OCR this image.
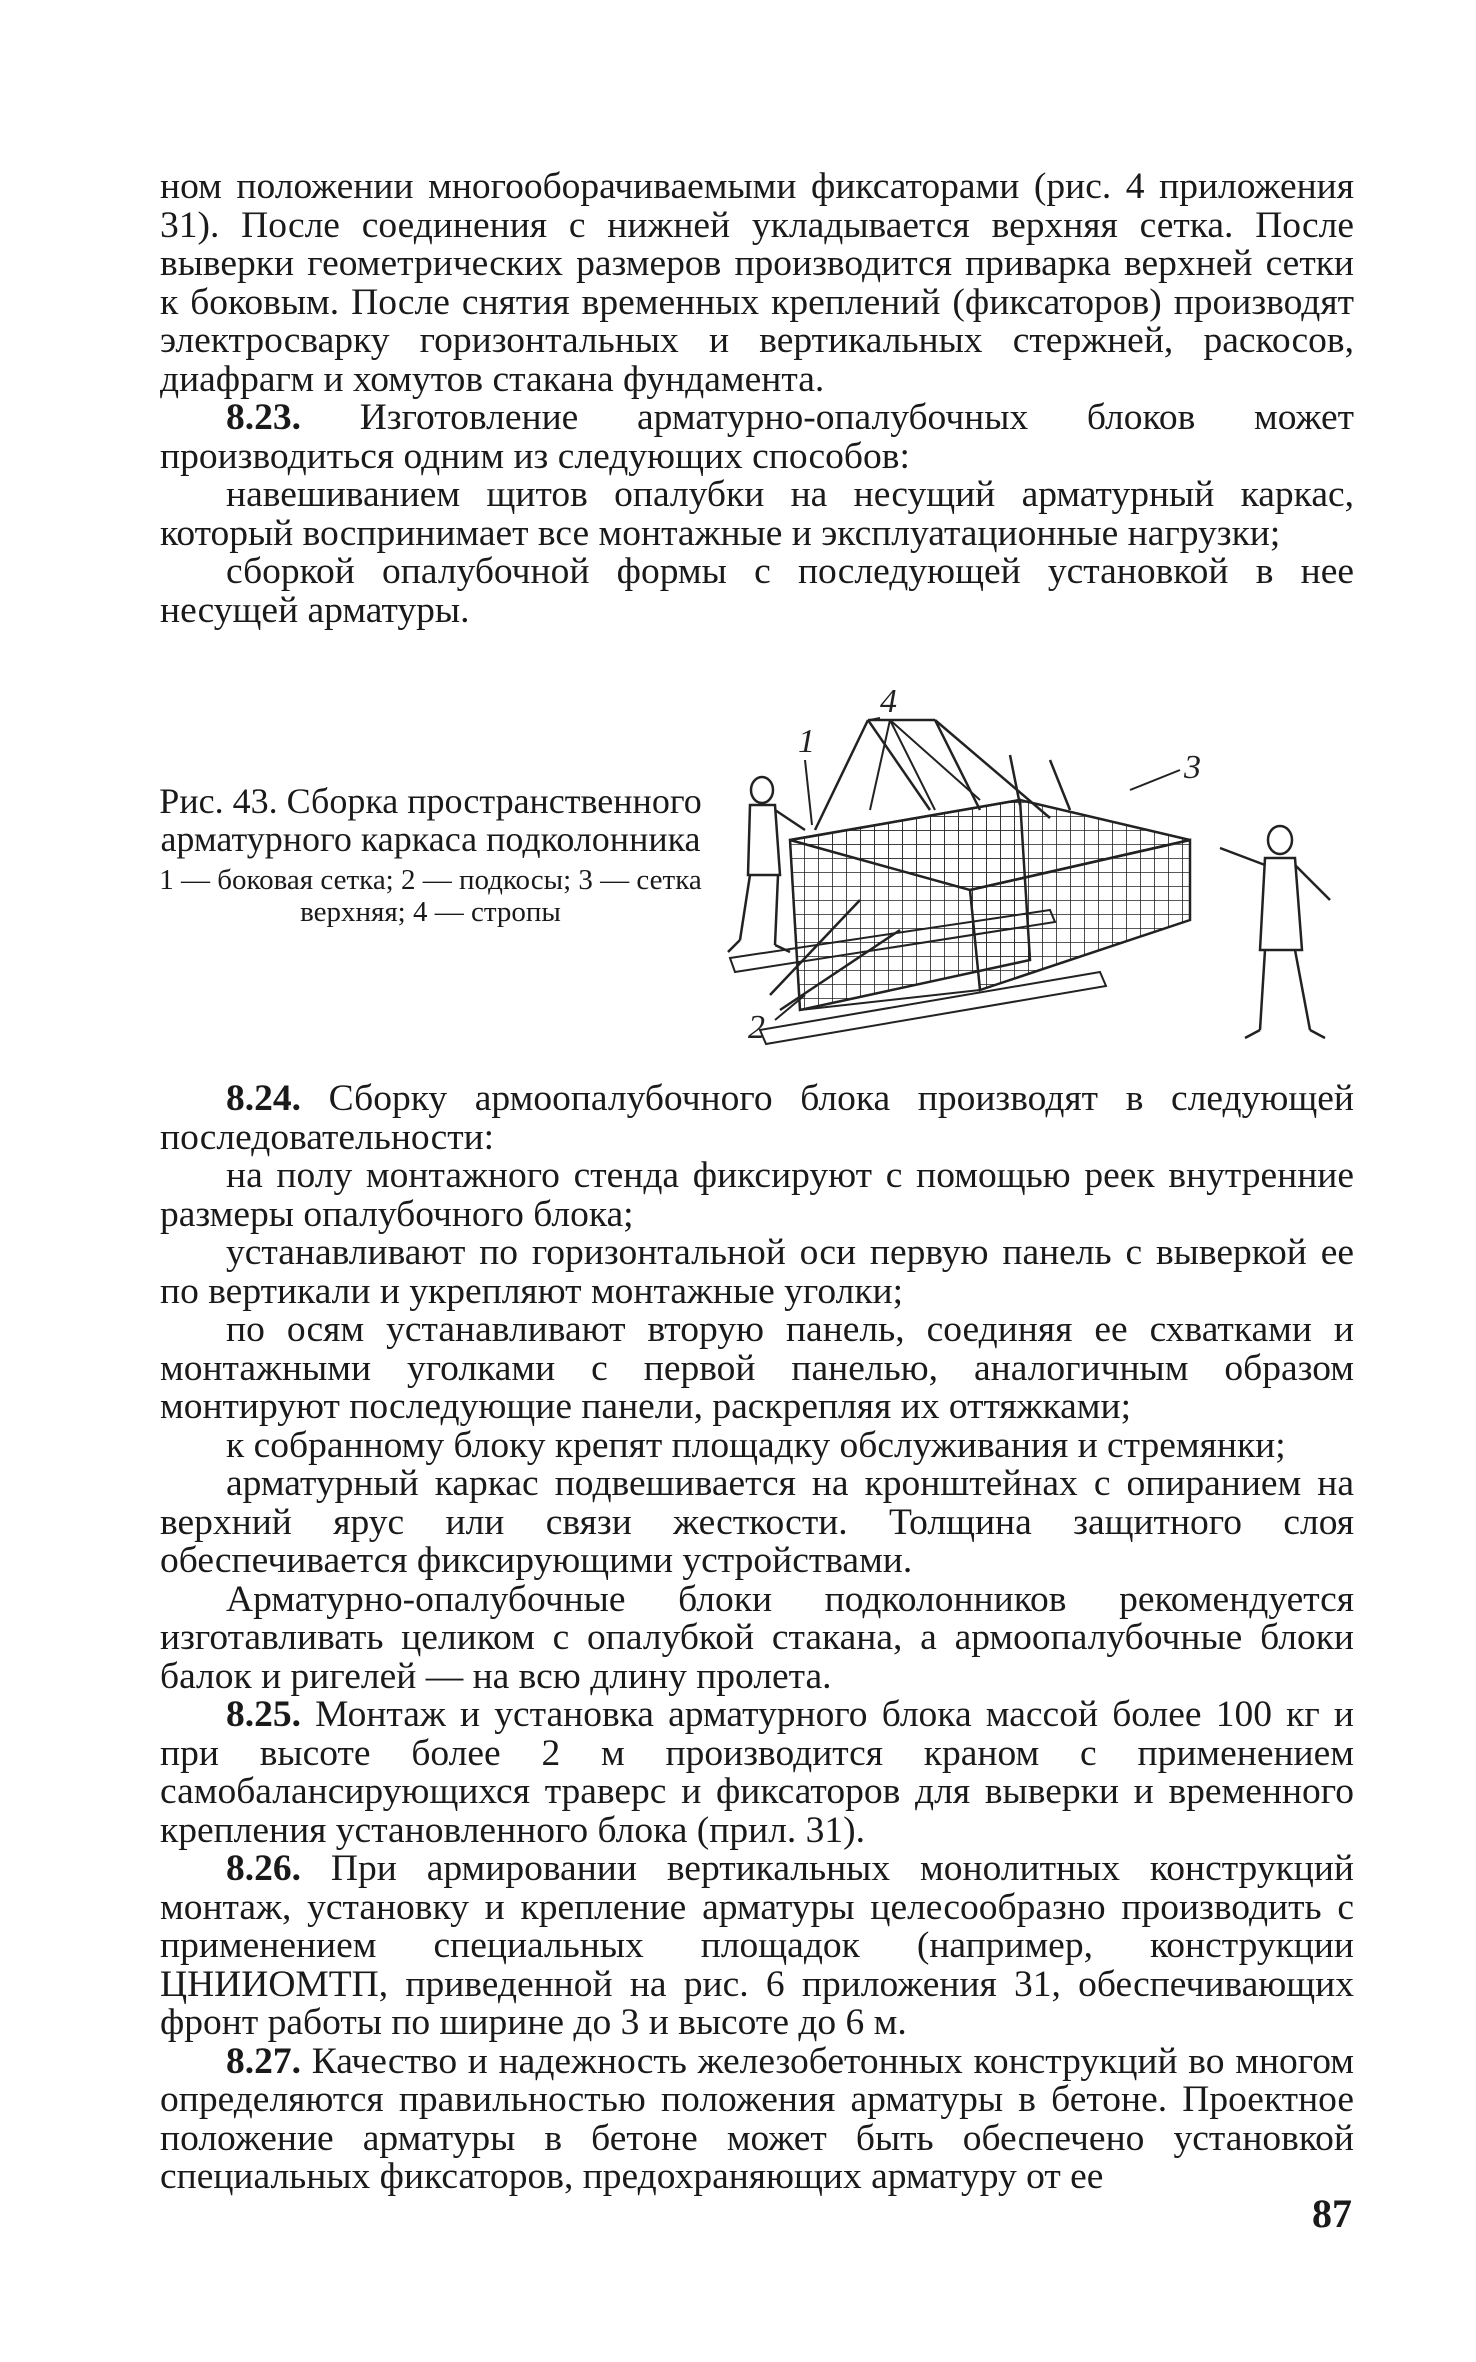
ном положении многооборачиваемыми фиксаторами (рис. 4 приложения 31). После соединения с нижней укладывается верхняя сетка. После выверки геометрических размеров производится приварка верхней сетки к боковым. После снятия временных креплений (фиксаторов) производят электросварку горизонтальных и вертикальных стержней, раскосов, диафрагм и хомутов стакана фундамента.

8.23. Изготовление арматурно-опалубочных блоков может производиться одним из следующих способов:

навешиванием щитов опалубки на несущий арматурный каркас, который воспринимает все монтажные и эксплуатационные нагрузки;

сборкой опалубочной формы с последующей установкой в нее несущей арматуры.

Рис. 43. Сборка пространственного арматурного каркаса подколонника
1 — боковая сетка; 2 — подкосы; 3 — сетка верхняя; 4 — стропы
1
4
3
2

8.24. Сборку армоопалубочного блока производят в следующей последовательности:

на полу монтажного стенда фиксируют с помощью реек внутренние размеры опалубочного блока;

устанавливают по горизонтальной оси первую панель с выверкой ее по вертикали и укрепляют монтажные уголки;

по осям устанавливают вторую панель, соединяя ее схватками и монтажными уголками с первой панелью, аналогичным образом монтируют последующие панели, раскрепляя их оттяжками;

к собранному блоку крепят площадку обслуживания и стремянки;

арматурный каркас подвешивается на кронштейнах с опиранием на верхний ярус или связи жесткости. Толщина защитного слоя обеспечивается фиксирующими устройствами.

Арматурно-опалубочные блоки подколонников рекомендуется изготавливать целиком с опалубкой стакана, а армоопалубочные блоки балок и ригелей — на всю длину пролета.

8.25. Монтаж и установка арматурного блока массой более 100 кг и при высоте более 2 м производится краном с применением самобалансирующихся траверс и фиксаторов для выверки и временного крепления установленного блока (прил. 31).

8.26. При армировании вертикальных монолитных конструкций монтаж, установку и крепление арматуры целесообразно производить с применением специальных площадок (например, конструкции ЦНИИОМТП, приведенной на рис. 6 приложения 31, обеспечивающих фронт работы по ширине до 3 и высоте до 6 м.

8.27. Качество и надежность железобетонных конструкций во многом определяются правильностью положения арматуры в бетоне. Проектное положение арматуры в бетоне может быть обеспечено установкой специальных фиксаторов, предохраняющих арматуру от ее

87
